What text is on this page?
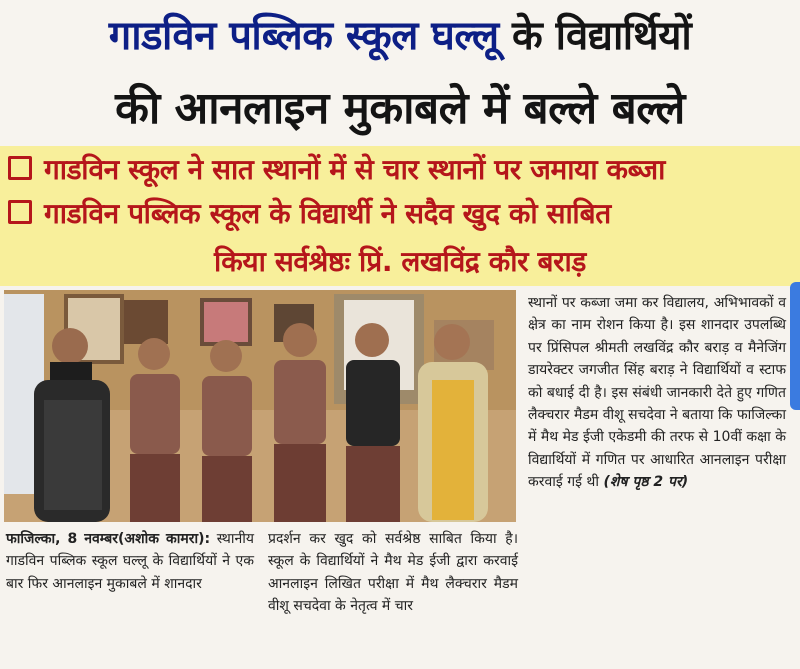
गाडविन पब्लिक स्कूल घल्लू के विद्यार्थियों
की आनलाइन मुकाबले में बल्ले बल्ले
गाडविन स्कूल ने सात स्थानों में से चार स्थानों पर जमाया कब्जा
गाडविन पब्लिक स्कूल के विद्यार्थी ने सदैव खुद को साबित
किया सर्वश्रेष्ठः प्रिं. लखविंद्र कौर बराड़
स्थानों पर कब्जा जमा कर विद्यालय, अभिभावकों व क्षेत्र का नाम रोशन किया है। इस शानदार उपलब्धि पर प्रिंसिपल श्रीमती लखविंद्र कौर बराड़ व मैनेजिंग डायरेक्टर जगजीत सिंह बराड़ ने विद्यार्थियों व स्टाफ को बधाई दी है। इस संबंधी जानकारी देते हुए गणित लैक्चरार मैडम वीशू सचदेवा ने बताया कि फाजिल्का में मैथ मेड ईजी एकेडमी की तरफ से 10वीं कक्षा के विद्यार्थियों में गणित पर आधारित आनलाइन परीक्षा करवाई गई थी (शेष पृष्ठ 2 पर)
फाजिल्का, 8 नवम्बर(अशोक कामरा): स्थानीय गाडविन पब्लिक स्कूल घल्लू के विद्यार्थियों ने एक बार फिर आनलाइन मुकाबले में शानदार
प्रदर्शन कर खुद को सर्वश्रेष्ठ साबित किया है। स्कूल के विद्यार्थियों ने मैथ मेड ईजी द्वारा करवाई आनलाइन लिखित परीक्षा में मैथ लैक्चरार मैडम वीशू सचदेवा के नेतृत्व में चार
